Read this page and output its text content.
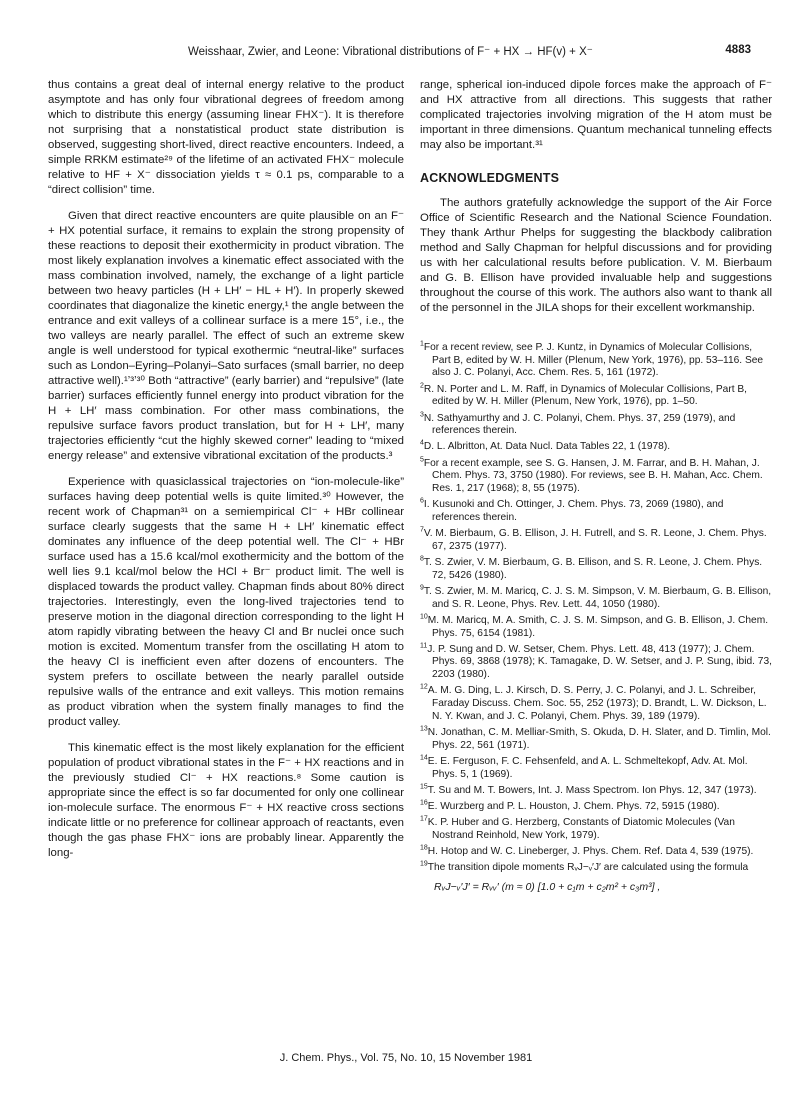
Weisshaar, Zwier, and Leone: Vibrational distributions of F⁻ + HX → HF(v) + X⁻	4883

thus contains a great deal of internal energy relative to the product asymptote and has only four vibrational degrees of freedom among which to distribute this energy (assuming linear FHX⁻). It is therefore not surprising that a nonstatistical product state distribution is observed, suggesting short-lived, direct reactive encounters. Indeed, a simple RRKM estimate²⁹ of the lifetime of an activated FHX⁻ molecule relative to HF + X⁻ dissociation yields τ ≈ 0.1 ps, comparable to a “direct collision” time.

Given that direct reactive encounters are quite plausible on an F⁻ + HX potential surface, it remains to explain the strong propensity of these reactions to deposit their exothermicity in product vibration. The most likely explanation involves a kinematic effect associated with the mass combination involved, namely, the exchange of a light particle between two heavy particles (H + LH′ − HL + H′). In properly skewed coordinates that diagonalize the kinetic energy,¹ the angle between the entrance and exit valleys of a collinear surface is a mere 15°, i.e., the two valleys are nearly parallel. The effect of such an extreme skew angle is well understood for typical exothermic “neutral-like” surfaces such as London–Eyring–Polanyi–Sato surfaces (small barrier, no deep attractive well).¹ʼ³ʼ³⁰ Both “attractive” (early barrier) and “repulsive” (late barrier) surfaces efficiently funnel energy into product vibration for the H + LH′ mass combination. For other mass combinations, the repulsive surface favors product translation, but for H + LH′, many trajectories efficiently “cut the highly skewed corner” leading to “mixed energy release” and extensive vibrational excitation of the products.³

Experience with quasiclassical trajectories on “ion-molecule-like” surfaces having deep potential wells is quite limited.³⁰ However, the recent work of Chapman³¹ on a semiempirical Cl⁻ + HBr collinear surface clearly suggests that the same H + LH′ kinematic effect dominates any influence of the deep potential well. The Cl⁻ + HBr surface used has a 15.6 kcal/mol exothermicity and the bottom of the well lies 9.1 kcal/mol below the HCl + Br⁻ product limit. The well is displaced towards the product valley. Chapman finds about 80% direct trajectories. Interestingly, even the long-lived trajectories tend to preserve motion in the diagonal direction corresponding to the light H atom rapidly vibrating between the heavy Cl and Br nuclei once such motion is excited. Momentum transfer from the oscillating H atom to the heavy Cl is inefficient even after dozens of encounters. The system prefers to oscillate between the nearly parallel outside repulsive walls of the entrance and exit valleys. This motion remains as product vibration when the system finally manages to find the product valley.

This kinematic effect is the most likely explanation for the efficient population of product vibrational states in the F⁻ + HX reactions and in the previously studied Cl⁻ + HX reactions.⁸ Some caution is appropriate since the effect is so far documented for only one collinear ion-molecule surface. The enormous F⁻ + HX reactive cross sections indicate little or no preference for collinear approach of reactants, even though the gas phase FHX⁻ ions are probably linear. Apparently the long-

range, spherical ion-induced dipole forces make the approach of F⁻ and HX attractive from all directions. This suggests that rather complicated trajectories involving migration of the H atom must be important in three dimensions. Quantum mechanical tunneling effects may also be important.³¹

ACKNOWLEDGMENTS

The authors gratefully acknowledge the support of the Air Force Office of Scientific Research and the National Science Foundation. They thank Arthur Phelps for suggesting the blackbody calibration method and Sally Chapman for helpful discussions and for providing us with her calculational results before publication. V. M. Bierbaum and G. B. Ellison have provided invaluable help and suggestions throughout the course of this work. The authors also want to thank all of the personnel in the JILA shops for their excellent workmanship.

$^1$For a recent review, see P. J. Kuntz, in Dynamics of Molecular Collisions, Part B, edited by W. H. Miller (Plenum, New York, 1976), pp. 53–116. See also J. C. Polanyi, Acc. Chem. Res. 5, 161 (1972).
$^2$R. N. Porter and L. M. Raff, in Dynamics of Molecular Collisions, Part B, edited by W. H. Miller (Plenum, New York, 1976), pp. 1–50.
$^3$N. Sathyamurthy and J. C. Polanyi, Chem. Phys. 37, 259 (1979), and references therein.
$^4$D. L. Albritton, At. Data Nucl. Data Tables 22, 1 (1978).
$^5$For a recent example, see S. G. Hansen, J. M. Farrar, and B. H. Mahan, J. Chem. Phys. 73, 3750 (1980). For reviews, see B. H. Mahan, Acc. Chem. Res. 1, 217 (1968); 8, 55 (1975).
$^6$I. Kusunoki and Ch. Ottinger, J. Chem. Phys. 73, 2069 (1980), and references therein.
$^7$V. M. Bierbaum, G. B. Ellison, J. H. Futrell, and S. R. Leone, J. Chem. Phys. 67, 2375 (1977).
$^8$T. S. Zwier, V. M. Bierbaum, G. B. Ellison, and S. R. Leone, J. Chem. Phys. 72, 5426 (1980).
$^9$T. S. Zwier, M. M. Maricq, C. J. S. M. Simpson, V. M. Bierbaum, G. B. Ellison, and S. R. Leone, Phys. Rev. Lett. 44, 1050 (1980).
$^{10}$M. M. Maricq, M. A. Smith, C. J. S. M. Simpson, and G. B. Ellison, J. Chem. Phys. 75, 6154 (1981).
$^{11}$J. P. Sung and D. W. Setser, Chem. Phys. Lett. 48, 413 (1977); J. Chem. Phys. 69, 3868 (1978); K. Tamagake, D. W. Setser, and J. P. Sung, ibid. 73, 2203 (1980).
$^{12}$A. M. G. Ding, L. J. Kirsch, D. S. Perry, J. C. Polanyi, and J. L. Schreiber, Faraday Discuss. Chem. Soc. 55, 252 (1973); D. Brandt, L. W. Dickson, L. N. Y. Kwan, and J. C. Polanyi, Chem. Phys. 39, 189 (1979).
$^{13}$N. Jonathan, C. M. Melliar-Smith, S. Okuda, D. H. Slater, and D. Timlin, Mol. Phys. 22, 561 (1971).
$^{14}$E. E. Ferguson, F. C. Fehsenfeld, and A. L. Schmeltekopf, Adv. At. Mol. Phys. 5, 1 (1969).
$^{15}$T. Su and M. T. Bowers, Int. J. Mass Spectrom. Ion Phys. 12, 347 (1973).
$^{16}$E. Wurzberg and P. L. Houston, J. Chem. Phys. 72, 5915 (1980).
$^{17}$K. P. Huber and G. Herzberg, Constants of Diatomic Molecules (Van Nostrand Reinhold, New York, 1979).
$^{18}$H. Hotop and W. C. Lineberger, J. Phys. Chem. Ref. Data 4, 539 (1975).
$^{19}$The transition dipole moments RᵥJ−ᵥ′J′ are calculated using the formula
RᵥJ−ᵥ′J′ = Rᵥᵥ′ (m ≈ 0) [1.0 + c₁m + c₂m² + c₃m³] ,
J. Chem. Phys., Vol. 75, No. 10, 15 November 1981
